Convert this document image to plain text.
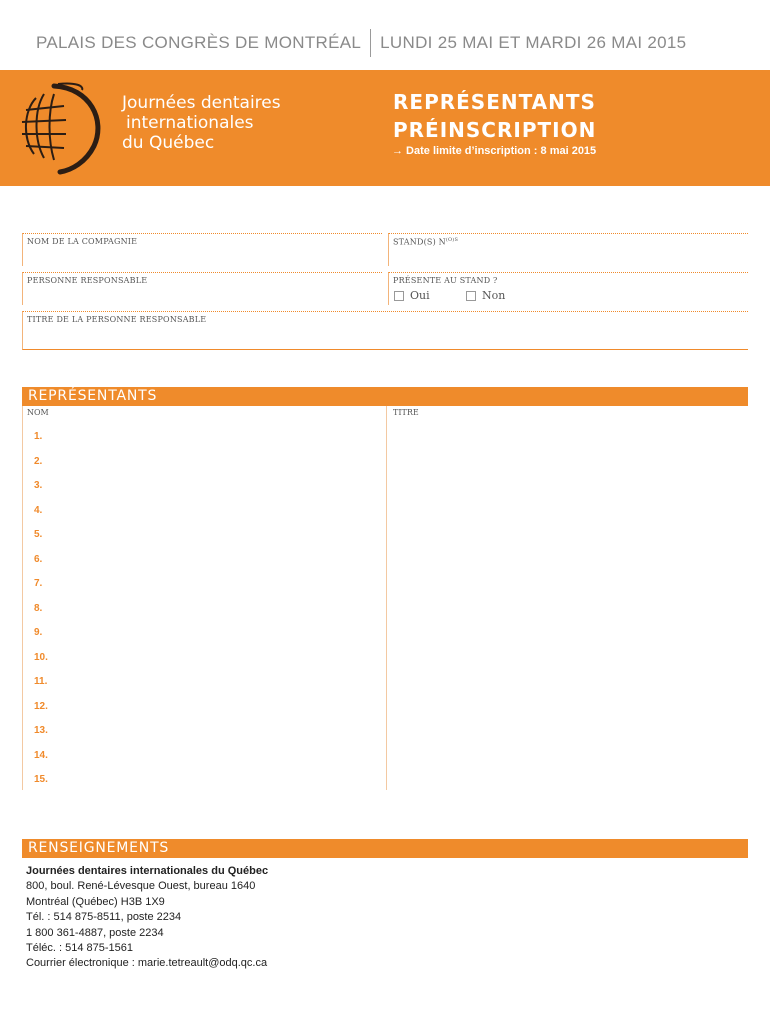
PALAIS DES CONGRÈS DE MONTRÉAL LUNDI 25 MAI ET MARDI 26 MAI 2015
Journées dentaires
internationales
du Québec
REPRÉSENTANTS
PRÉINSCRIPTION
→ Date limite d’inscription : 8 mai 2015
NOM DE LA COMPAGNIE	STAND(S) $N^{(O)S}$
PERSONNE RESPONSABLE	PRÉSENTE AU STAND ?
Oui	Non
TITRE DE LA PERSONNE RESPONSABLE
REPRÉSENTANTS
NOM	TITRE
1.
2.
3.
4.
5.
6.
7.
8.
9.
10.
11.
12.
13.
14.
15.
RENSEIGNEMENTS
Journées dentaires internationales du Québec
800, boul. René-Lévesque Ouest, bureau 1640
Montréal (Québec) H3B 1X9
Tél. : 514 875-8511, poste 2234
1 800 361-4887, poste 2234
Téléc. : 514 875-1561
Courrier électronique : marie.tetreault@odq.qc.ca
